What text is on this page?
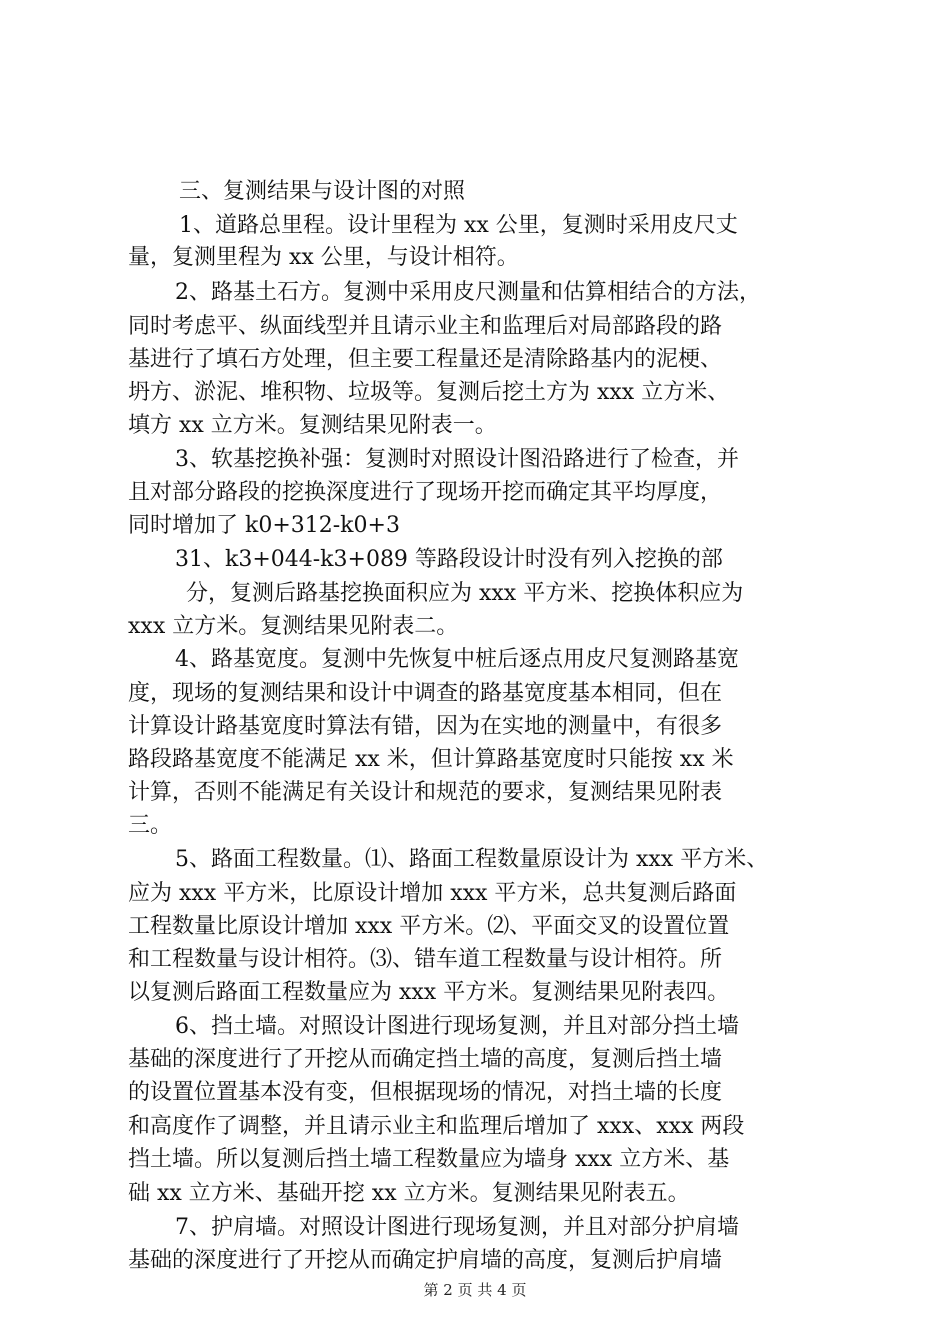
三、复测结果与设计图的对照
1、道路总里程。设计里程为 xx 公里，复测时采用皮尺丈
量，复测里程为 xx 公里，与设计相符。
2、路基土石方。复测中采用皮尺测量和估算相结合的方法，
同时考虑平、纵面线型并且请示业主和监理后对局部路段的路
基进行了填石方处理，但主要工程量还是清除路基内的泥梗、
坍方、淤泥、堆积物、垃圾等。复测后挖土方为 xxx 立方米、
填方 xx 立方米。复测结果见附表一。
3、软基挖换补强：复测时对照设计图沿路进行了检查，并
且对部分路段的挖换深度进行了现场开挖而确定其平均厚度，
同时增加了 k0+312-k0+3
31、k3+044-k3+089 等路段设计时没有列入挖换的部
分，复测后路基挖换面积应为 xxx 平方米、挖换体积应为
xxx 立方米。复测结果见附表二。
4、路基宽度。复测中先恢复中桩后逐点用皮尺复测路基宽
度，现场的复测结果和设计中调查的路基宽度基本相同，但在
计算设计路基宽度时算法有错，因为在实地的测量中，有很多
路段路基宽度不能满足 xx 米，但计算路基宽度时只能按 xx 米
计算，否则不能满足有关设计和规范的要求，复测结果见附表
三。
5、路面工程数量。⑴、路面工程数量原设计为 xxx 平方米、
应为 xxx 平方米，比原设计增加 xxx 平方米，总共复测后路面
工程数量比原设计增加 xxx 平方米。⑵、平面交叉的设置位置
和工程数量与设计相符。⑶、错车道工程数量与设计相符。所
以复测后路面工程数量应为 xxx 平方米。复测结果见附表四。
6、挡土墙。对照设计图进行现场复测，并且对部分挡土墙
基础的深度进行了开挖从而确定挡土墙的高度，复测后挡土墙
的设置位置基本没有变，但根据现场的情况，对挡土墙的长度
和高度作了调整，并且请示业主和监理后增加了 xxx、xxx 两段
挡土墙。所以复测后挡土墙工程数量应为墙身 xxx 立方米、基
础 xx 立方米、基础开挖 xx 立方米。复测结果见附表五。
7、护肩墙。对照设计图进行现场复测，并且对部分护肩墙
基础的深度进行了开挖从而确定护肩墙的高度，复测后护肩墙
第 2 页 共 4 页
